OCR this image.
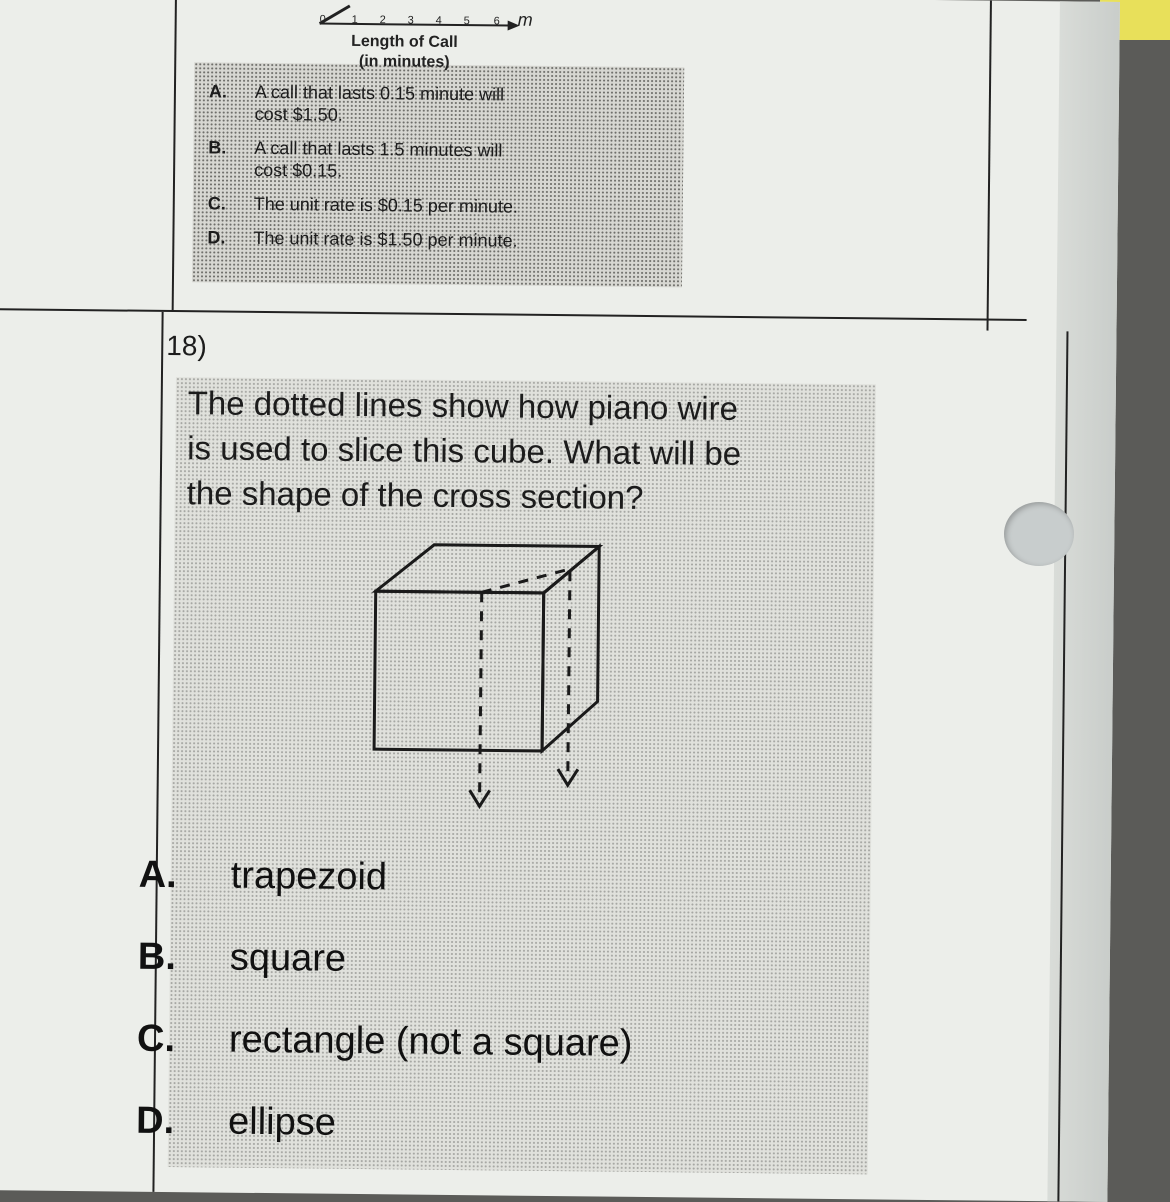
0 1 2 3 4 5 6 m
Length of Call
(in minutes)
A.	A call that lasts 0.15 minute will
cost $1.50.
B.	A call that lasts 1.5 minutes will
cost $0.15.
C.	The unit rate is $0.15 per minute.
D.	The unit rate is $1.50 per minute.
18)
The dotted lines show how piano wire
is used to slice this cube. What will be
the shape of the cross section?
A.	trapezoid
B.	square
C.	rectangle (not a square)
D.	ellipse
